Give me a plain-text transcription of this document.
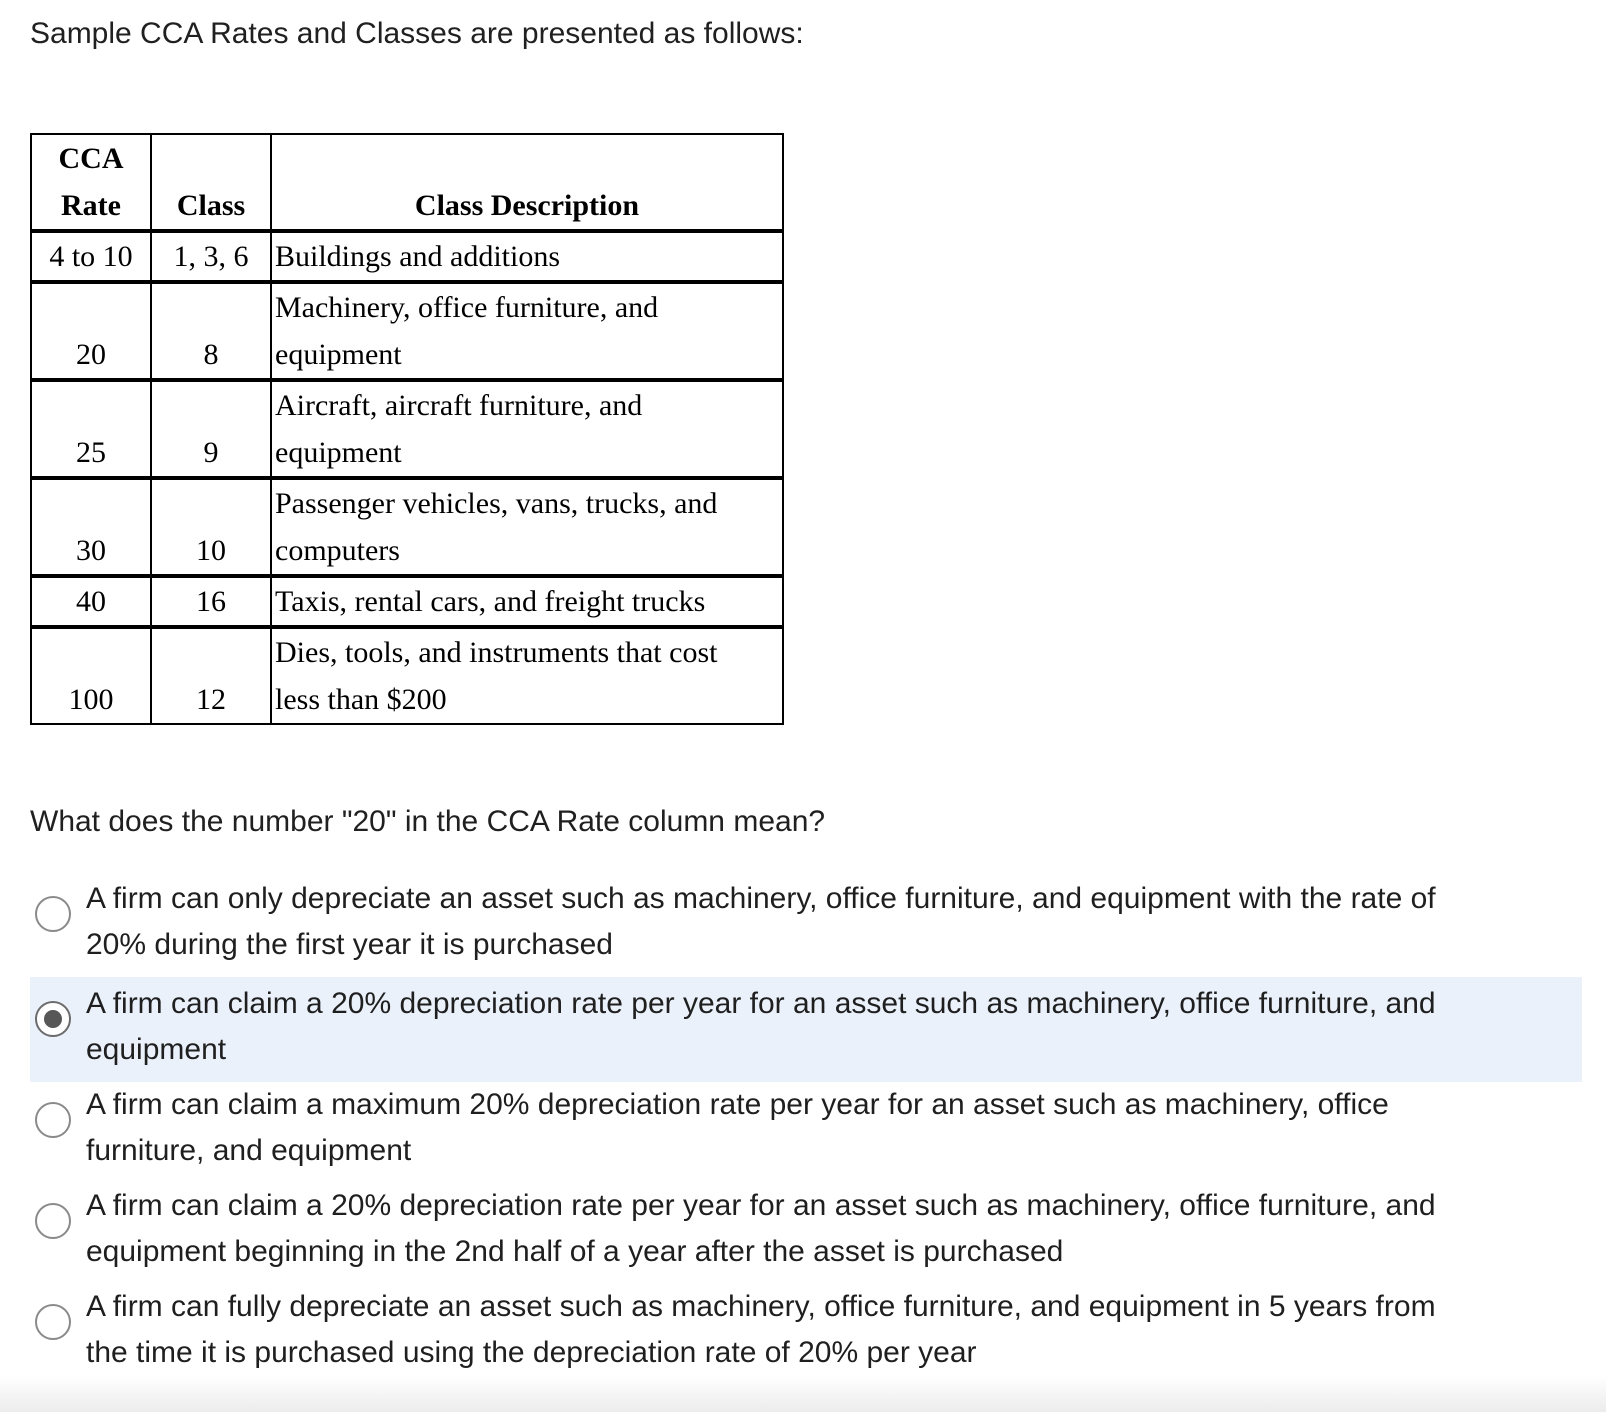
Sample CCA Rates and Classes are presented as follows:

CCA
Rate	Class	Class Description
4 to 10	1, 3, 6	Buildings and additions
20	8	Machinery, office furniture, and
equipment
25	9	Aircraft, aircraft furniture, and
equipment
30	10	Passenger vehicles, vans, trucks, and
computers
40	16	Taxis, rental cars, and freight trucks
100	12	Dies, tools, and instruments that cost
less than $200

What does the number "20" in the CCA Rate column mean?

A firm can only depreciate an asset such as machinery, office furniture, and equipment with the rate of
20% during the first year it is purchased
A firm can claim a 20% depreciation rate per year for an asset such as machinery, office furniture, and
equipment
A firm can claim a maximum 20% depreciation rate per year for an asset such as machinery, office
furniture, and equipment
A firm can claim a 20% depreciation rate per year for an asset such as machinery, office furniture, and
equipment beginning in the 2nd half of a year after the asset is purchased
A firm can fully depreciate an asset such as machinery, office furniture, and equipment in 5 years from
the time it is purchased using the depreciation rate of 20% per year
